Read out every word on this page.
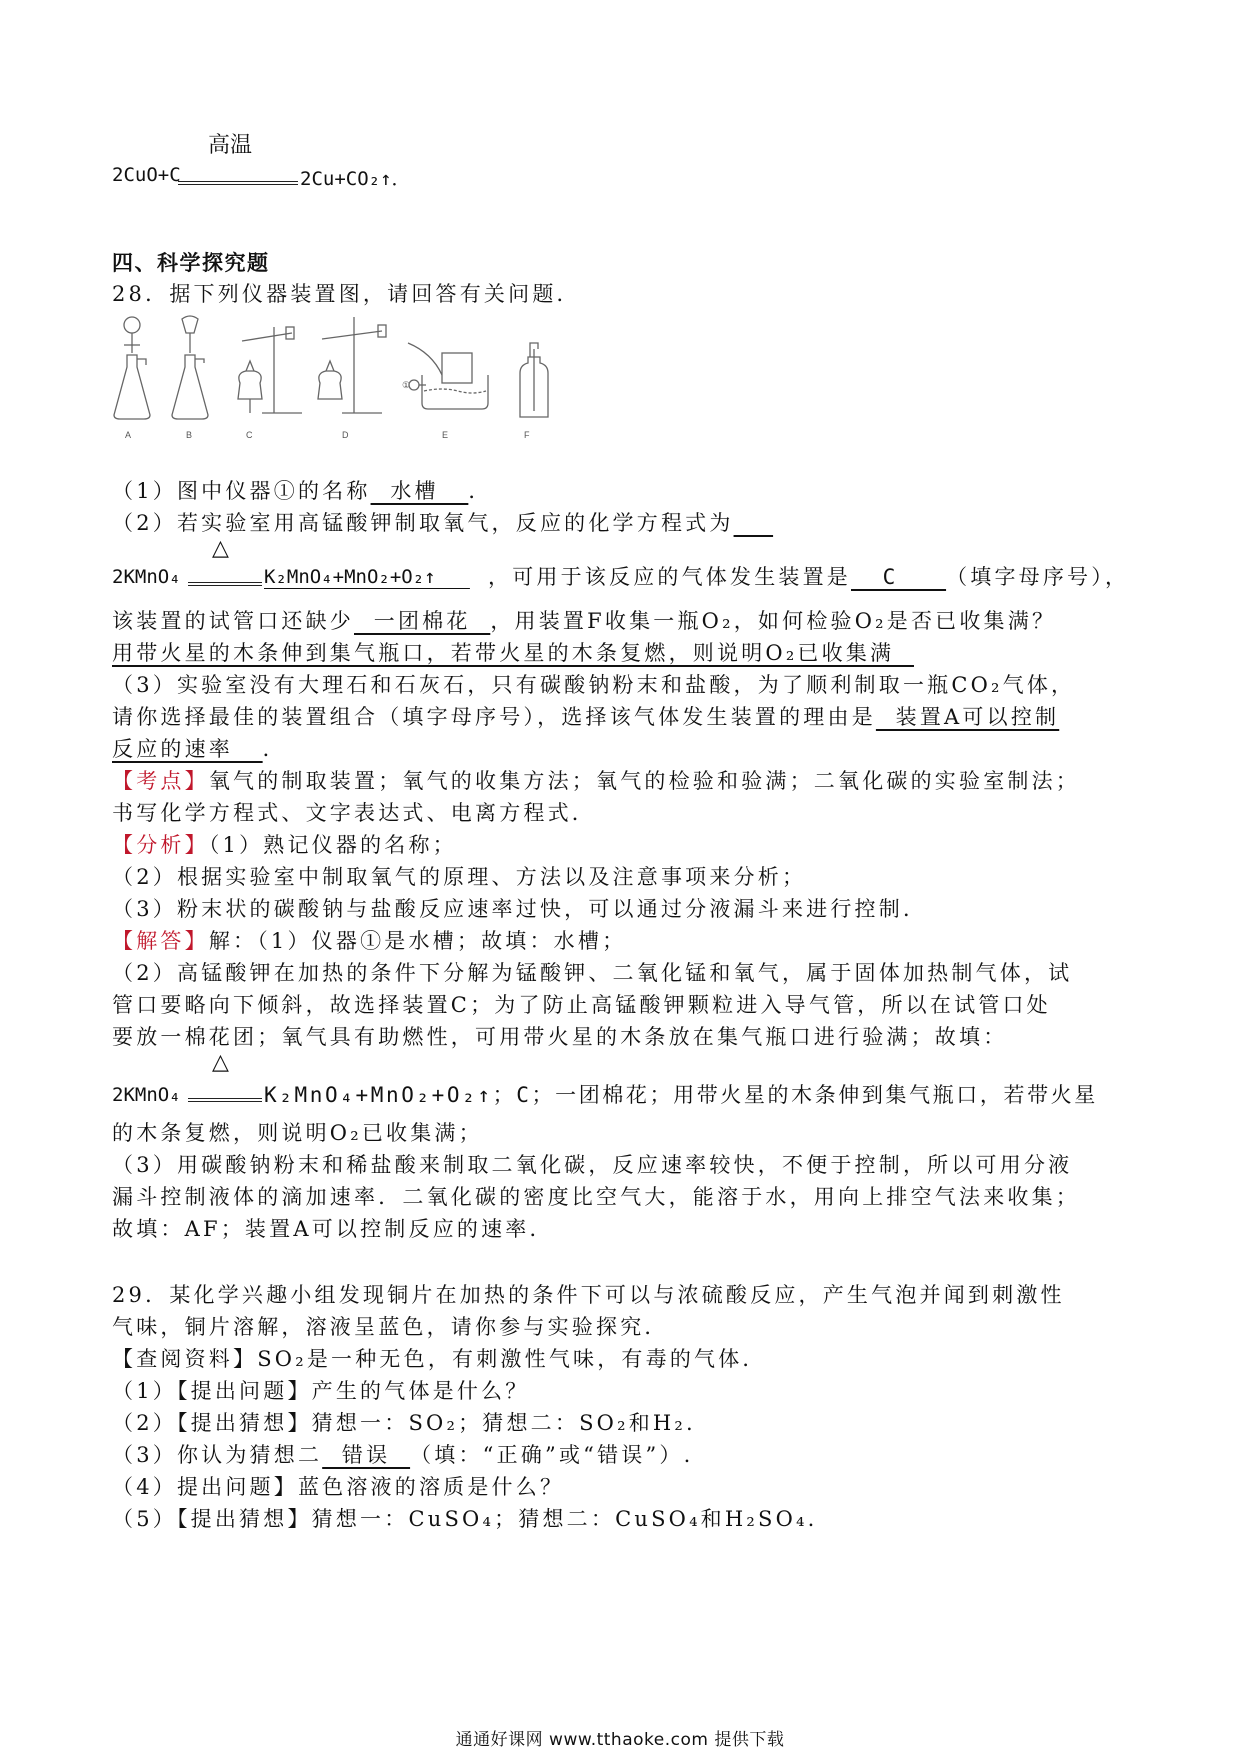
2CuO+C
高温
2Cu+CO₂↑．
四、科学探究题
28．据下列仪器装置图，请回答有关问题．
A	B	C	D	E	F
①
（1）图中仪器①的名称  水槽   ．
（2）若实验室用高锰酸钾制取氧气，反应的化学方程式为
2KMnO₄
△
K₂MnO₄+MnO₂+O₂↑ ，可用于该反应的气体发生装置是  C   （填字母序号），
该装置的试管口还缺少  一团棉花  ，用装置F收集一瓶O₂，如何检验O₂是否已收集满？
用带火星的木条伸到集气瓶口，若带火星的木条复燃，则说明O₂已收集满
（3）实验室没有大理石和石灰石，只有碳酸钠粉末和盐酸，为了顺利制取一瓶CO₂气体，
请你选择最佳的装置组合（填字母序号），选择该气体发生装置的理由是  装置A可以控制
反应的速率   ．
【考点】氧气的制取装置；氧气的收集方法；氧气的检验和验满；二氧化碳的实验室制法；
书写化学方程式、文字表达式、电离方程式．
【分析】（1）熟记仪器的名称；
（2）根据实验室中制取氧气的原理、方法以及注意事项来分析；
（3）粉末状的碳酸钠与盐酸反应速率过快，可以通过分液漏斗来进行控制．
【解答】解：（1）仪器①是水槽；故填：水槽；
（2）高锰酸钾在加热的条件下分解为锰酸钾、二氧化锰和氧气，属于固体加热制气体，试
管口要略向下倾斜，故选择装置C；为了防止高锰酸钾颗粒进入导气管，所以在试管口处
要放一棉花团；氧气具有助燃性，可用带火星的木条放在集气瓶口进行验满；故填：
2KMnO₄
△
K₂MnO₄+MnO₂+O₂↑；C；一团棉花；用带火星的木条伸到集气瓶口，若带火星
的木条复燃，则说明O₂已收集满；
（3）用碳酸钠粉末和稀盐酸来制取二氧化碳，反应速率较快，不便于控制，所以可用分液
漏斗控制液体的滴加速率．二氧化碳的密度比空气大，能溶于水，用向上排空气法来收集；
故填：AF；装置A可以控制反应的速率．
29．某化学兴趣小组发现铜片在加热的条件下可以与浓硫酸反应，产生气泡并闻到刺激性
气味，铜片溶解，溶液呈蓝色，请你参与实验探究．
【查阅资料】SO₂是一种无色，有刺激性气味，有毒的气体．
（1）【提出问题】产生的气体是什么？
（2）【提出猜想】猜想一：SO₂；猜想二：SO₂和H₂.
（3）你认为猜想二  错误  （填：“正确”或“错误”）.
（4）提出问题】蓝色溶液的溶质是什么？
（5）【提出猜想】猜想一：CuSO₄；猜想二：CuSO₄和H₂SO₄.
通通好课网 www.tthaoke.com 提供下载
